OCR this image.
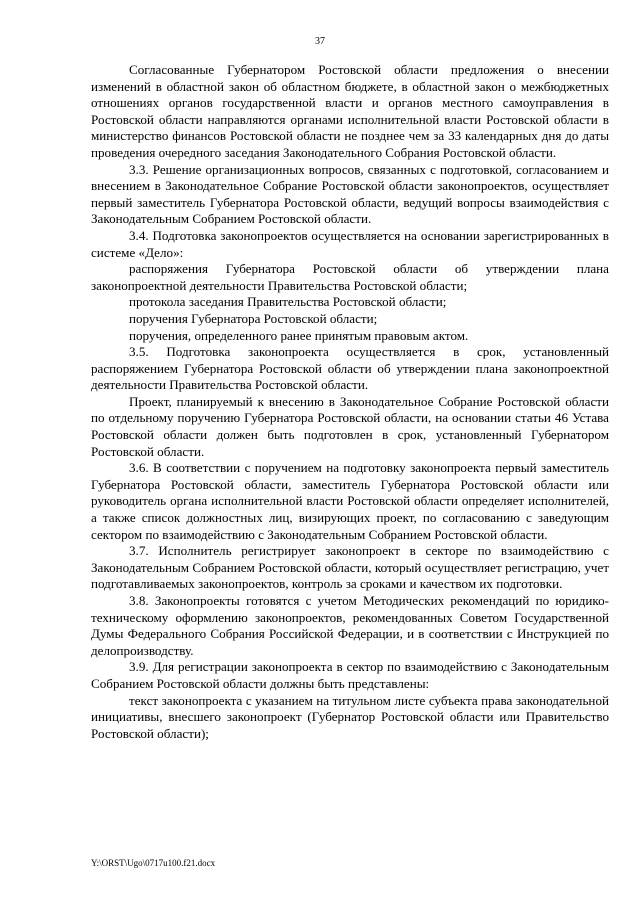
37

Согласованные Губернатором Ростовской области предложения о внесении изменений в областной закон об областном бюджете, в областной закон о межбюджетных отношениях органов государственной власти и органов местного самоуправления в Ростовской области направляются органами исполнительной власти Ростовской области в министерство финансов Ростовской области не позднее чем за 33 календарных дня до даты проведения очередного заседания Законодательного Собрания Ростовской области.

3.3. Решение организационных вопросов, связанных с подготовкой, согласованием и внесением в Законодательное Собрание Ростовской области законопроектов, осуществляет первый заместитель Губернатора Ростовской области, ведущий вопросы взаимодействия с Законодательным Собранием Ростовской области.

3.4. Подготовка законопроектов осуществляется на основании зарегистрированных в системе «Дело»:

распоряжения Губернатора Ростовской области об утверждении плана законопроектной деятельности Правительства Ростовской области;

протокола заседания Правительства Ростовской области;

поручения Губернатора Ростовской области;

поручения, определенного ранее принятым правовым актом.

3.5. Подготовка законопроекта осуществляется в срок, установленный распоряжением Губернатора Ростовской области об утверждении плана законопроектной деятельности Правительства Ростовской области.

Проект, планируемый к внесению в Законодательное Собрание Ростовской области по отдельному поручению Губернатора Ростовской области, на основании статьи 46 Устава Ростовской области должен быть подготовлен в срок, установленный Губернатором Ростовской области.

3.6. В соответствии с поручением на подготовку законопроекта первый заместитель Губернатора Ростовской области, заместитель Губернатора Ростовской области или руководитель органа исполнительной власти Ростовской области определяет исполнителей, а также список должностных лиц, визирующих проект, по согласованию с заведующим сектором по взаимодействию с Законодательным Собранием Ростовской области.

3.7. Исполнитель регистрирует законопроект в секторе по взаимодействию с Законодательным Собранием Ростовской области, который осуществляет регистрацию, учет подготавливаемых законопроектов, контроль за сроками и качеством их подготовки.

3.8. Законопроекты готовятся с учетом Методических рекомендаций по юридико-техническому оформлению законопроектов, рекомендованных Советом Государственной Думы Федерального Собрания Российской Федерации, и в соответствии с Инструкцией по делопроизводству.

3.9. Для регистрации законопроекта в сектор по взаимодействию с Законодательным Собранием Ростовской области должны быть представлены:

текст законопроекта с указанием на титульном листе субъекта права законодательной инициативы, внесшего законопроект (Губернатор Ростовской области или Правительство Ростовской области);

Y:\ORST\Ugo\0717u100.f21.docx
